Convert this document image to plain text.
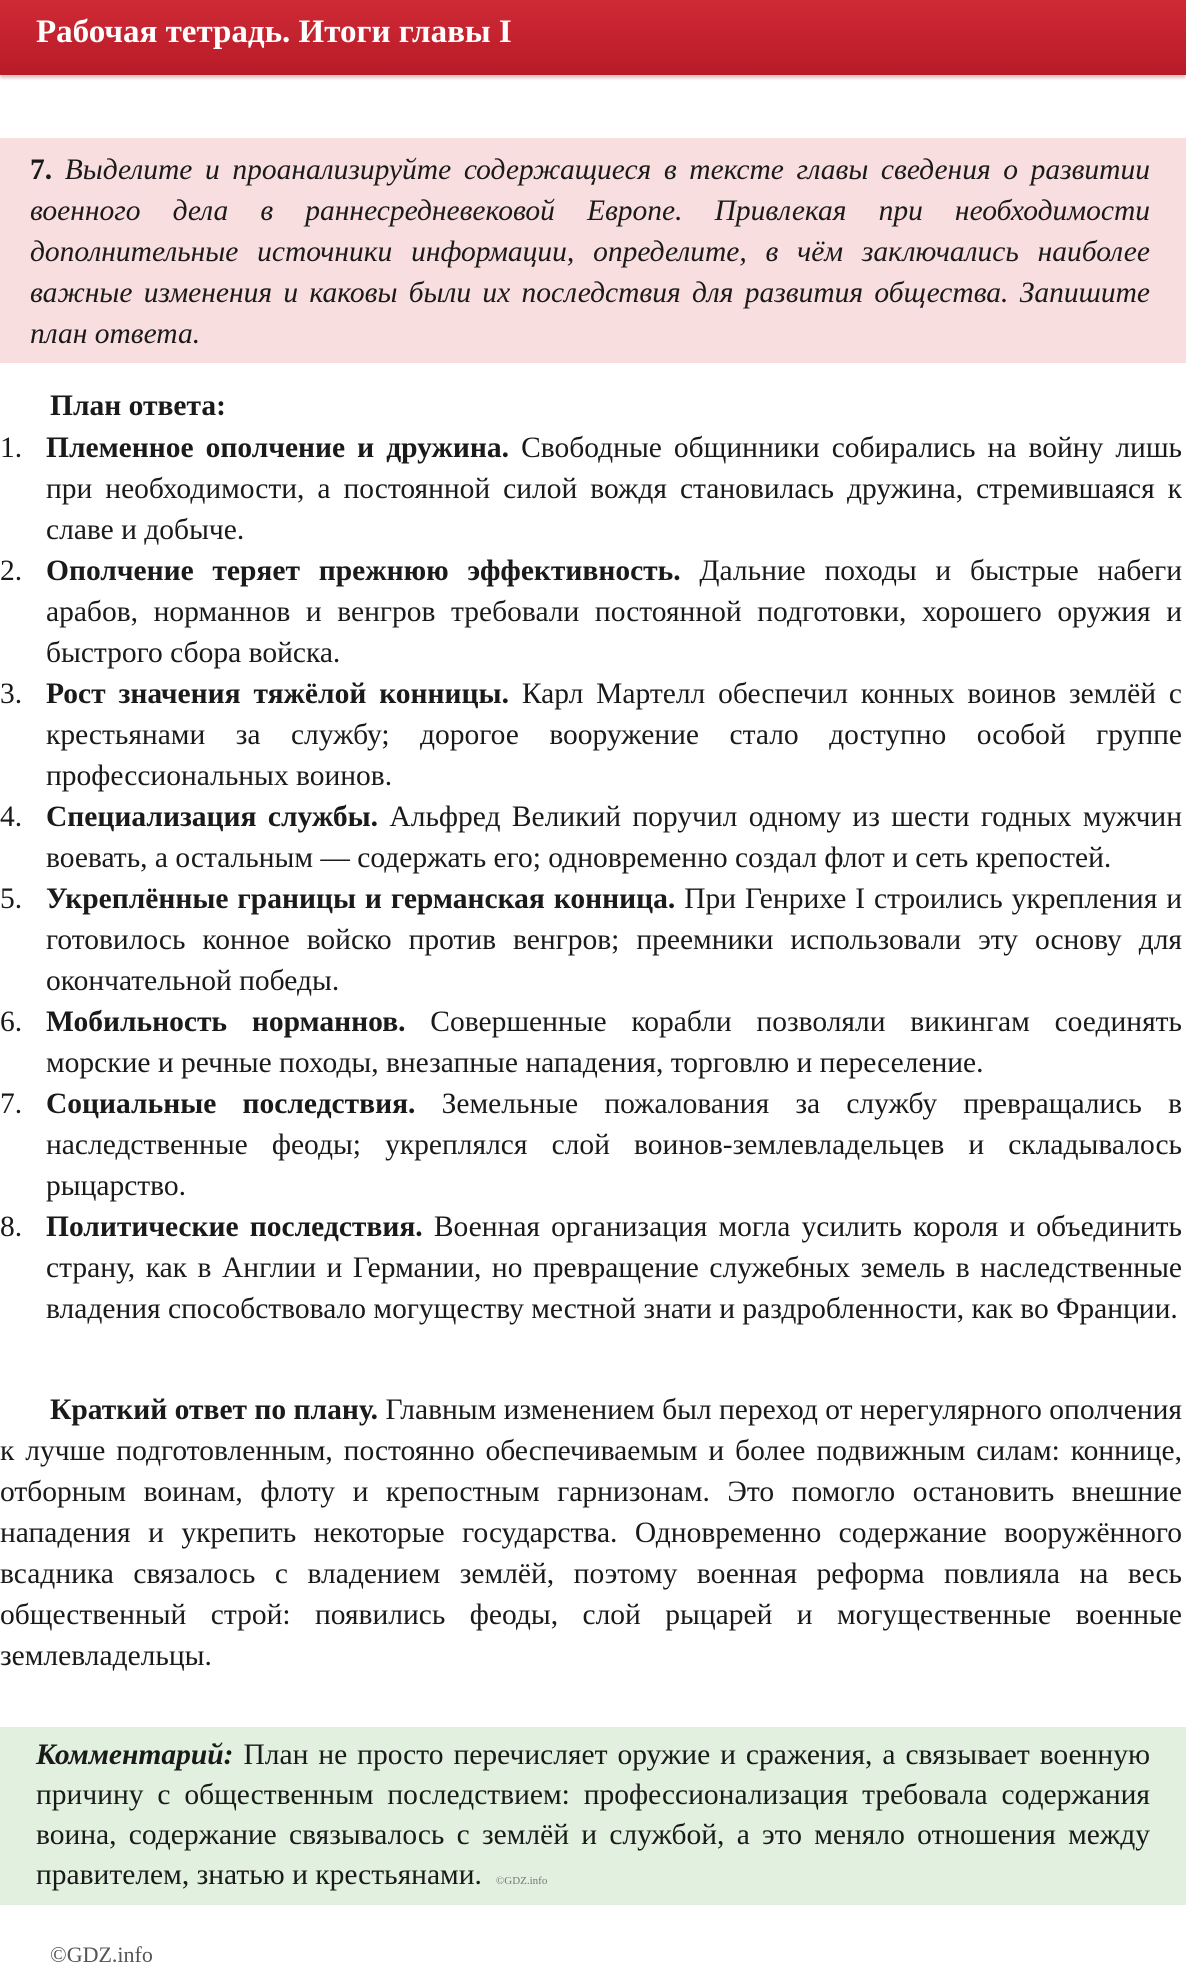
Рабочая тетрадь. Итоги главы I

7. Выделите и проанализируйте содержащиеся в тексте главы сведения о развитии военного дела в раннесредневековой Европе. Привлекая при необходимости дополнительные источники информации, определите, в чём заключались наиболее важные изменения и каковы были их последствия для развития общества. Запишите план ответа.

План ответа:

1. Племенное ополчение и дружина. Свободные общинники собирались на войну лишь при необходимости, а постоянной силой вождя становилась дружина, стремившаяся к славе и добыче.
2. Ополчение теряет прежнюю эффективность. Дальние походы и быстрые набеги арабов, норманнов и венгров требовали постоянной подготовки, хорошего оружия и быстрого сбора войска.
3. Рост значения тяжёлой конницы. Карл Мартелл обеспечил конных воинов землёй с крестьянами за службу; дорогое вооружение стало доступно особой группе профессиональных воинов.
4. Специализация службы. Альфред Великий поручил одному из шести годных мужчин воевать, а остальным — содержать его; одновременно создал флот и сеть крепостей.
5. Укреплённые границы и германская конница. При Генрихе I строились укрепления и готовилось конное войско против венгров; преемники использовали эту основу для окончательной победы.
6. Мобильность норманнов. Совершенные корабли позволяли викингам соединять морские и речные походы, внезапные нападения, торговлю и переселение.
7. Социальные последствия. Земельные пожалования за службу превращались в наследственные феоды; укреплялся слой воинов-землевладельцев и складывалось рыцарство.
8. Политические последствия. Военная организация могла усилить короля и объединить страну, как в Англии и Германии, но превращение служебных земель в наследственные владения способствовало могуществу местной знати и раздробленности, как во Франции.

Краткий ответ по плану. Главным изменением был переход от нерегулярного ополчения к лучше подготовленным, постоянно обеспечиваемым и более подвижным силам: коннице, отборным воинам, флоту и крепостным гарнизонам. Это помогло остановить внешние нападения и укрепить некоторые государства. Одновременно содержание вооружённого всадника связалось с владением землёй, поэтому военная реформа повлияла на весь общественный строй: появились феоды, слой рыцарей и могущественные военные землевладельцы.

Комментарий: План не просто перечисляет оружие и сражения, а связывает военную причину с общественным последствием: профессионализация требовала содержания воина, содержание связывалось с землёй и службой, а это меняло отношения между правителем, знатью и крестьянами. ©GDZ.info

©GDZ.info
